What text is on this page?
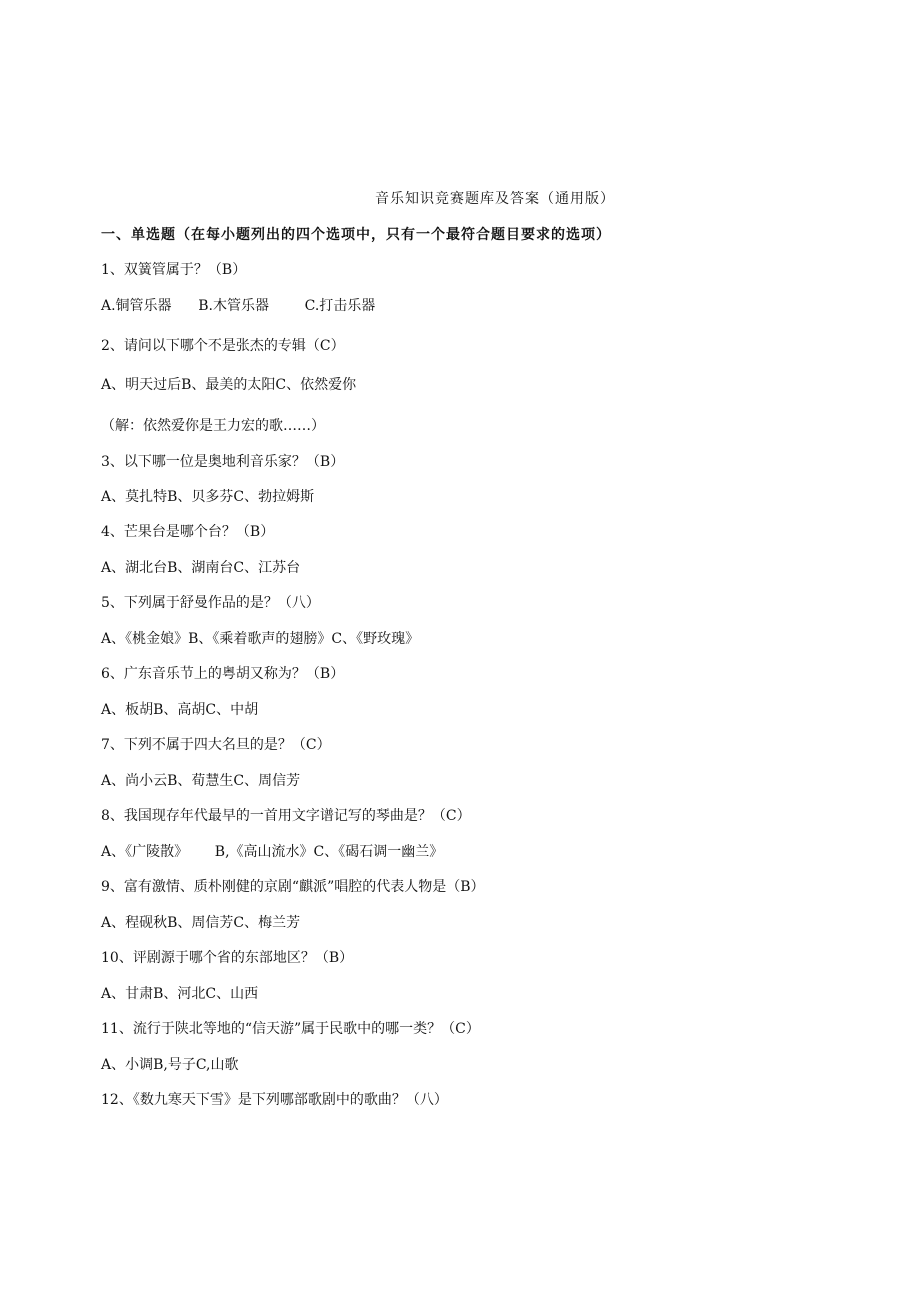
音乐知识竞赛题库及答案（通用版）
一、单选题（在每小题列出的四个选项中，只有一个最符合题目要求的选项）
1、双簧管属于？（B）
A.铜管乐器      B.木管乐器        C.打击乐器
2、请问以下哪个不是张杰的专辑（C）
A、明天过后B、最美的太阳C、依然爱你
（解：依然爱你是王力宏的歌……）
3、以下哪一位是奥地利音乐家？（B）
A、莫扎特B、贝多芬C、勃拉姆斯
4、芒果台是哪个台？（B）
A、湖北台B、湖南台C、江苏台
5、下列属于舒曼作品的是？（八）
A、《桃金娘》B、《乘着歌声的翅膀》C、《野玫瑰》
6、广东音乐节上的粤胡又称为？（B）
A、板胡B、高胡C、中胡
7、下列不属于四大名旦的是？（C）
A、尚小云B、荀慧生C、周信芳
8、我国现存年代最早的一首用文字谱记写的琴曲是？（C）
A、《广陵散》      B,《高山流水》C、《碣石调一幽兰》
9、富有激情、质朴刚健的京剧“麒派”唱腔的代表人物是（B）
A、程砚秋B、周信芳C、梅兰芳
10、评剧源于哪个省的东部地区？（B）
A、甘肃B、河北C、山西
11、流行于陕北等地的“信天游”属于民歌中的哪一类？（C）
A、小调B,号子C,山歌
12、《数九寒天下雪》是下列哪部歌剧中的歌曲？（八）
